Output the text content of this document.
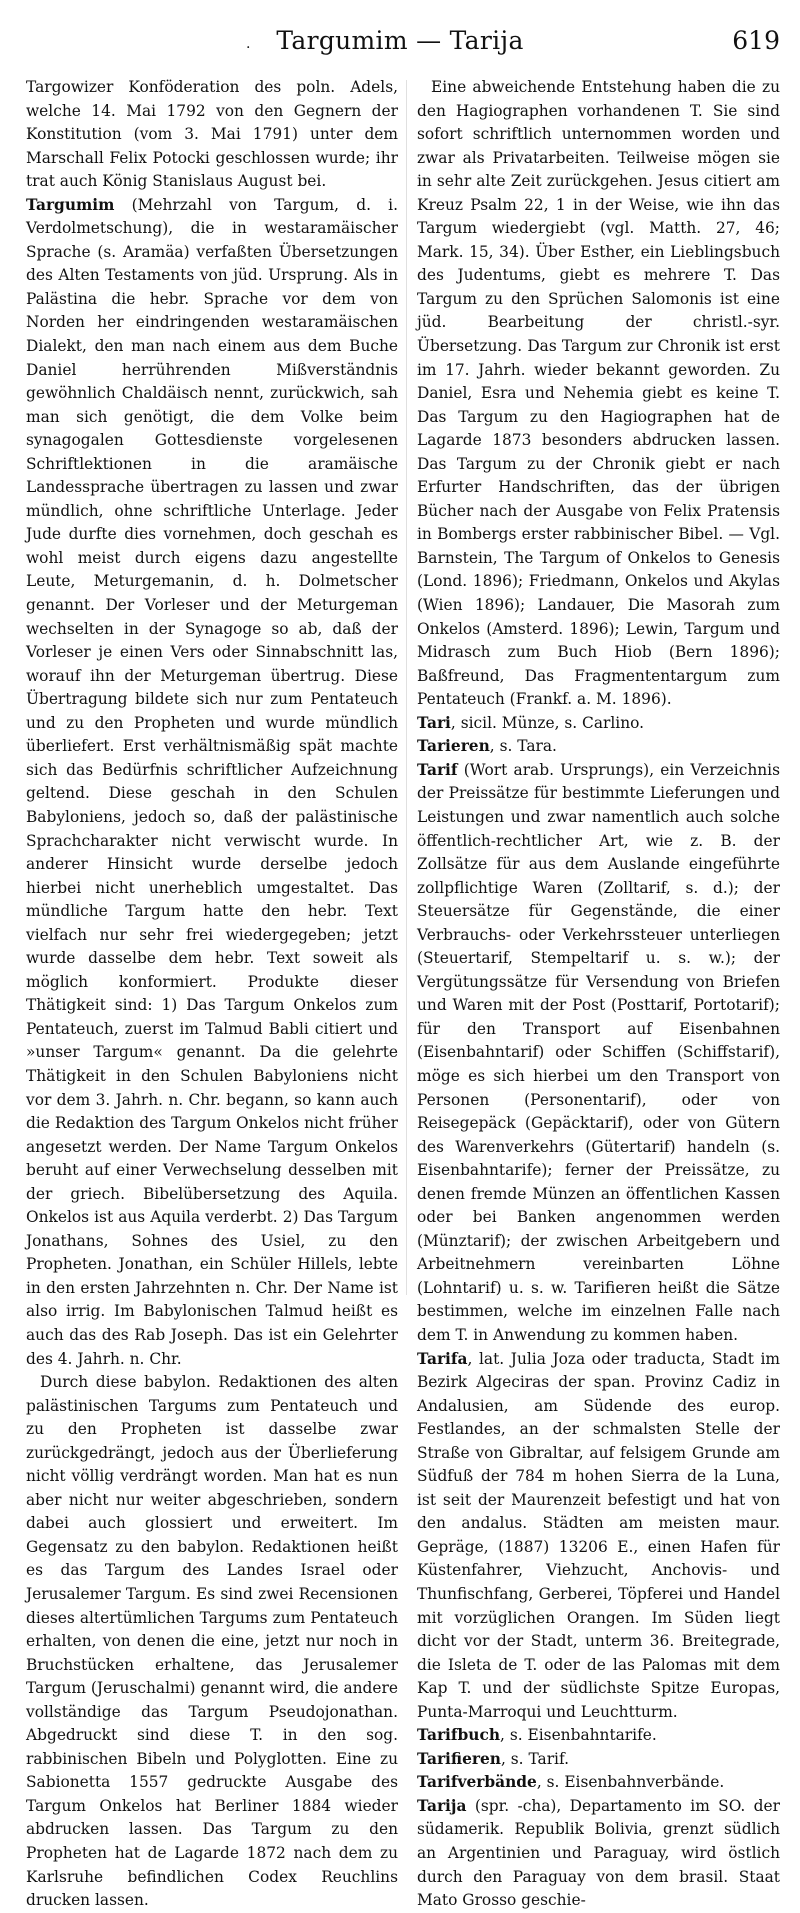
.	Targumim — Tarija	619

Targowizer Konföderation des poln. Adels, welche 14. Mai 1792 von den Gegnern der Konstitution (vom 3. Mai 1791) unter dem Marschall Felix Potocki geschlossen wurde; ihr trat auch König Stanislaus August bei.

Targumim (Mehrzahl von Targum, d. i. Verdolmetschung), die in westaramäischer Sprache (s. Aramäa) verfaßten Übersetzungen des Alten Testaments von jüd. Ursprung. Als in Palästina die hebr. Sprache vor dem von Norden her eindringenden westaramäischen Dialekt, den man nach einem aus dem Buche Daniel herrührenden Mißverständnis gewöhnlich Chaldäisch nennt, zurückwich, sah man sich genötigt, die dem Volke beim synagogalen Gottesdienste vorgelesenen Schriftlektionen in die aramäische Landessprache übertragen zu lassen und zwar mündlich, ohne schriftliche Unterlage. Jeder Jude durfte dies vornehmen, doch geschah es wohl meist durch eigens dazu angestellte Leute, Meturgemanin, d. h. Dolmetscher genannt. Der Vorleser und der Meturgeman wechselten in der Synagoge so ab, daß der Vorleser je einen Vers oder Sinnabschnitt las, worauf ihn der Meturgeman übertrug. Diese Übertragung bildete sich nur zum Pentateuch und zu den Propheten und wurde mündlich überliefert. Erst verhältnismäßig spät machte sich das Bedürfnis schriftlicher Aufzeichnung geltend. Diese geschah in den Schulen Babyloniens, jedoch so, daß der palästinische Sprachcharakter nicht verwischt wurde. In anderer Hinsicht wurde derselbe jedoch hierbei nicht unerheblich umgestaltet. Das mündliche Targum hatte den hebr. Text vielfach nur sehr frei wiedergegeben; jetzt wurde dasselbe dem hebr. Text soweit als möglich konformiert. Produkte dieser Thätigkeit sind: 1) Das Targum Onkelos zum Pentateuch, zuerst im Talmud Babli citiert und »unser Targum« genannt. Da die gelehrte Thätigkeit in den Schulen Babyloniens nicht vor dem 3. Jahrh. n. Chr. begann, so kann auch die Redaktion des Targum Onkelos nicht früher angesetzt werden. Der Name Targum Onkelos beruht auf einer Verwechselung desselben mit der griech. Bibelübersetzung des Aquila. Onkelos ist aus Aquila verderbt. 2) Das Targum Jonathans, Sohnes des Usiel, zu den Propheten. Jonathan, ein Schüler Hillels, lebte in den ersten Jahrzehnten n. Chr. Der Name ist also irrig. Im Babylonischen Talmud heißt es auch das des Rab Joseph. Das ist ein Gelehrter des 4. Jahrh. n. Chr.

Durch diese babylon. Redaktionen des alten palästinischen Targums zum Pentateuch und zu den Propheten ist dasselbe zwar zurückgedrängt, jedoch aus der Überlieferung nicht völlig verdrängt worden. Man hat es nun aber nicht nur weiter abgeschrieben, sondern dabei auch glossiert und erweitert. Im Gegensatz zu den babylon. Redaktionen heißt es das Targum des Landes Israel oder Jerusalemer Targum. Es sind zwei Recensionen dieses altertümlichen Targums zum Pentateuch erhalten, von denen die eine, jetzt nur noch in Bruchstücken erhaltene, das Jerusalemer Targum (Jeruschalmi) genannt wird, die andere vollständige das Targum Pseudojonathan. Abgedruckt sind diese T. in den sog. rabbinischen Bibeln und Polyglotten. Eine zu Sabionetta 1557 gedruckte Ausgabe des Targum Onkelos hat Berliner 1884 wieder abdrucken lassen. Das Targum zu den Propheten hat de Lagarde 1872 nach dem zu Karlsruhe befindlichen Codex Reuchlins drucken lassen.

Eine abweichende Entstehung haben die zu den Hagiographen vorhandenen T. Sie sind sofort schriftlich unternommen worden und zwar als Privatarbeiten. Teilweise mögen sie in sehr alte Zeit zurückgehen. Jesus citiert am Kreuz Psalm 22, 1 in der Weise, wie ihn das Targum wiedergiebt (vgl. Matth. 27, 46; Mark. 15, 34). Über Esther, ein Lieblingsbuch des Judentums, giebt es mehrere T. Das Targum zu den Sprüchen Salomonis ist eine jüd. Bearbeitung der christl.-syr. Übersetzung. Das Targum zur Chronik ist erst im 17. Jahrh. wieder bekannt geworden. Zu Daniel, Esra und Nehemia giebt es keine T. Das Targum zu den Hagiographen hat de Lagarde 1873 besonders abdrucken lassen. Das Targum zu der Chronik giebt er nach Erfurter Handschriften, das der übrigen Bücher nach der Ausgabe von Felix Pratensis in Bombergs erster rabbinischer Bibel. — Vgl. Barnstein, The Targum of Onkelos to Genesis (Lond. 1896); Friedmann, Onkelos und Akylas (Wien 1896); Landauer, Die Masorah zum Onkelos (Amsterd. 1896); Lewin, Targum und Midrasch zum Buch Hiob (Bern 1896); Baßfreund, Das Fragmententargum zum Pentateuch (Frankf. a. M. 1896).

Tari, sicil. Münze, s. Carlino.

Tarieren, s. Tara.

Tarif (Wort arab. Ursprungs), ein Verzeichnis der Preissätze für bestimmte Lieferungen und Leistungen und zwar namentlich auch solche öffentlich-rechtlicher Art, wie z. B. der Zollsätze für aus dem Auslande eingeführte zollpflichtige Waren (Zolltarif, s. d.); der Steuersätze für Gegenstände, die einer Verbrauchs- oder Verkehrssteuer unterliegen (Steuertarif, Stempeltarif u. s. w.); der Vergütungssätze für Versendung von Briefen und Waren mit der Post (Posttarif, Portotarif); für den Transport auf Eisenbahnen (Eisenbahntarif) oder Schiffen (Schiffstarif), möge es sich hierbei um den Transport von Personen (Personentarif), oder von Reisegepäck (Gepäcktarif), oder von Gütern des Warenverkehrs (Gütertarif) handeln (s. Eisenbahntarife); ferner der Preissätze, zu denen fremde Münzen an öffentlichen Kassen oder bei Banken angenommen werden (Münztarif); der zwischen Arbeitgebern und Arbeitnehmern vereinbarten Löhne (Lohntarif) u. s. w. Tarifieren heißt die Sätze bestimmen, welche im einzelnen Falle nach dem T. in Anwendung zu kommen haben.

Tarifa, lat. Julia Joza oder traducta, Stadt im Bezirk Algeciras der span. Provinz Cadiz in Andalusien, am Südende des europ. Festlandes, an der schmalsten Stelle der Straße von Gibraltar, auf felsigem Grunde am Südfuß der 784 m hohen Sierra de la Luna, ist seit der Maurenzeit befestigt und hat von den andalus. Städten am meisten maur. Gepräge, (1887) 13206 E., einen Hafen für Küstenfahrer, Viehzucht, Anchovis- und Thunfischfang, Gerberei, Töpferei und Handel mit vorzüglichen Orangen. Im Süden liegt dicht vor der Stadt, unterm 36. Breitegrade, die Isleta de T. oder de las Palomas mit dem Kap T. und der südlichste Spitze Europas, Punta-Marroqui und Leuchtturm.

Tarifbuch, s. Eisenbahntarife.

Tarifieren, s. Tarif.

Tarifverbände, s. Eisenbahnverbände.

Tarija (spr. -cha), Departamento im SO. der südamerik. Republik Bolivia, grenzt südlich an Argentinien und Paraguay, wird östlich durch den Paraguay von dem brasil. Staat Mato Grosso geschie-
